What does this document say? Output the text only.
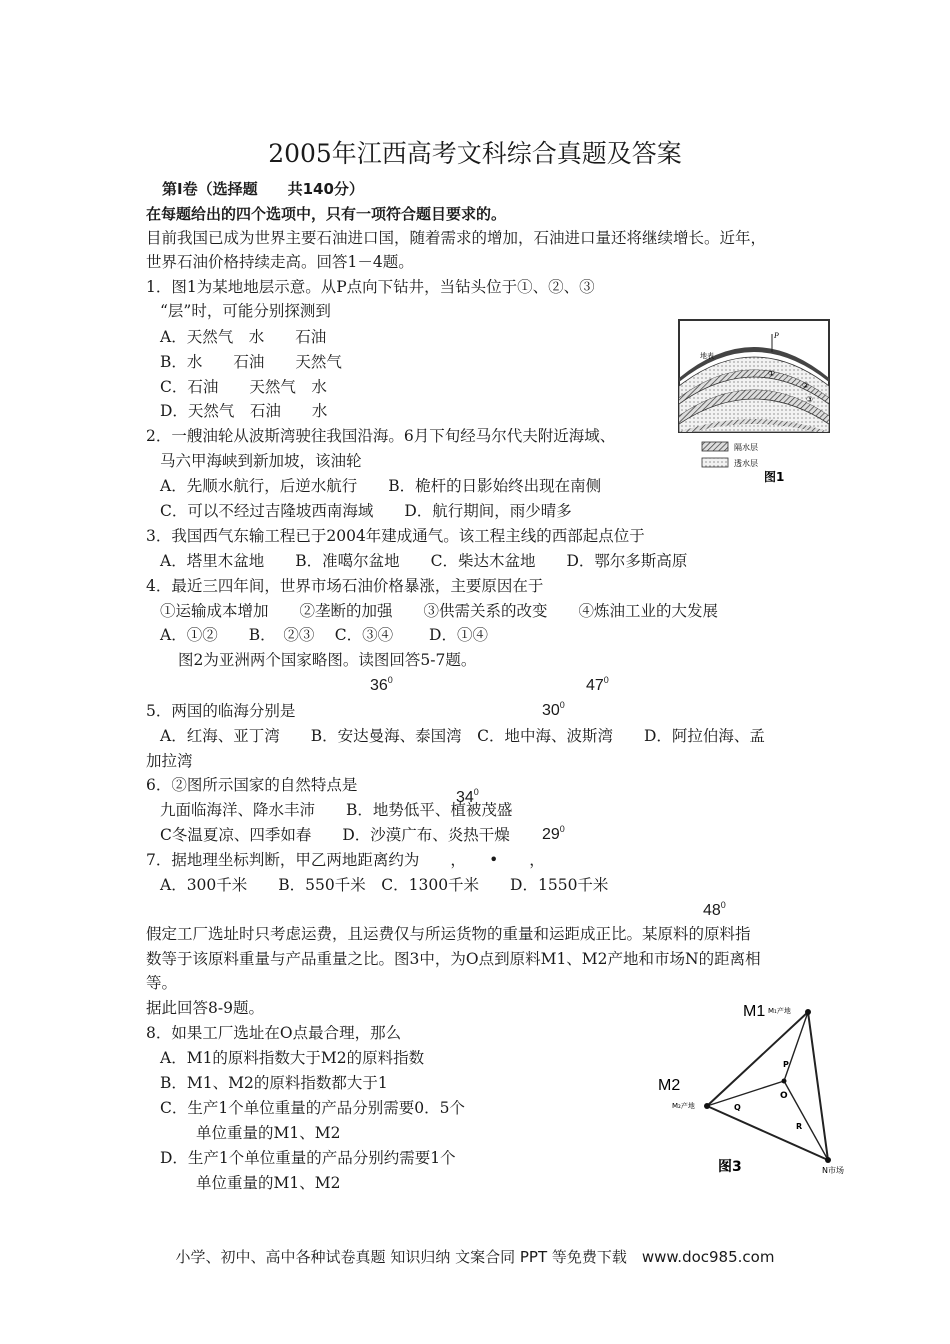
2005年江西高考文科综合真题及答案
第Ⅰ卷（选择题　　共140分）
在每题给出的四个选项中，只有一项符合题目要求的。
目前我国已成为世界主要石油进口国，随着需求的增加，石油进口量还将继续增长。近年，
世界石油价格持续走高。回答1－4题。
1．图1为某地地层示意。从P点向下钻井，当钻头位于①、②、③
“层”时，可能分别探测到
A．天然气　水　　石油
B．水　　石油　　天然气
C．石油　　天然气　水
D．天然气　石油　　水
2．一艘油轮从波斯湾驶往我国沿海。6月下旬经马尔代夫附近海域、
马六甲海峡到新加坡，该油轮
A．先顺水航行，后逆水航行　　B．桅杆的日影始终出现在南侧
C．可以不经过吉隆坡西南海域　　D．航行期间，雨少晴多
3．我国西气东输工程已于2004年建成通气。该工程主线的西部起点位于
A．塔里木盆地　　B．准噶尔盆地　　C．柴达木盆地　　D．鄂尔多斯高原
4．最近三四年间，世界市场石油价格暴涨，主要原因在于
①运输成本增加　　②垄断的加强　　③供需关系的改变　　④炼油工业的大发展
A．①②　　B．　②③　 C．③④　　 D．①④
图2为亚洲两个国家略图。读图回答5-7题。
$36^0$	$47^0$
$30^0$
$34^0$
$29^0$
$48^0$
5．两国的临海分别是
A．红海、亚丁湾　　B．安达曼海、泰国湾　C．地中海、波斯湾　　D．阿拉伯海、孟
加拉湾
6．②图所示国家的自然特点是
九面临海洋、降水丰沛　　B．地势低平、植被茂盛
C冬温夏凉、四季如春　　D．沙漠广布、炎热干燥
7．据地理坐标判断，甲乙两地距离约为　　，　　•　　，
A．300千米　　B．550千米　C．1300千米　　D．1550千米
假定工厂选址时只考虑运费，且运费仅与所运货物的重量和运距成正比。某原料的原料指
数等于该原料重量与产品重量之比。图3中，为O点到原料M1、M2产地和市场N的距离相
等。
据此回答8-9题。
8．如果工厂选址在O点最合理，那么
A．M1的原料指数大于M2的原料指数
B．M1、M2的原料指数都大于1
C．生产1个单位重量的产品分别需要0．5个
单位重量的M1、M2
D．生产1个单位重量的产品分别约需要1个
单位重量的M1、M2
P
地表
①
②
③
隔水层
透水层
图1
M1 M₁产地
M2
M₂产地
N市场
O
P
Q
R
图3
小学、初中、高中各种试卷真题 知识归纳 文案合同 PPT 等免费下载　www.doc985.com
